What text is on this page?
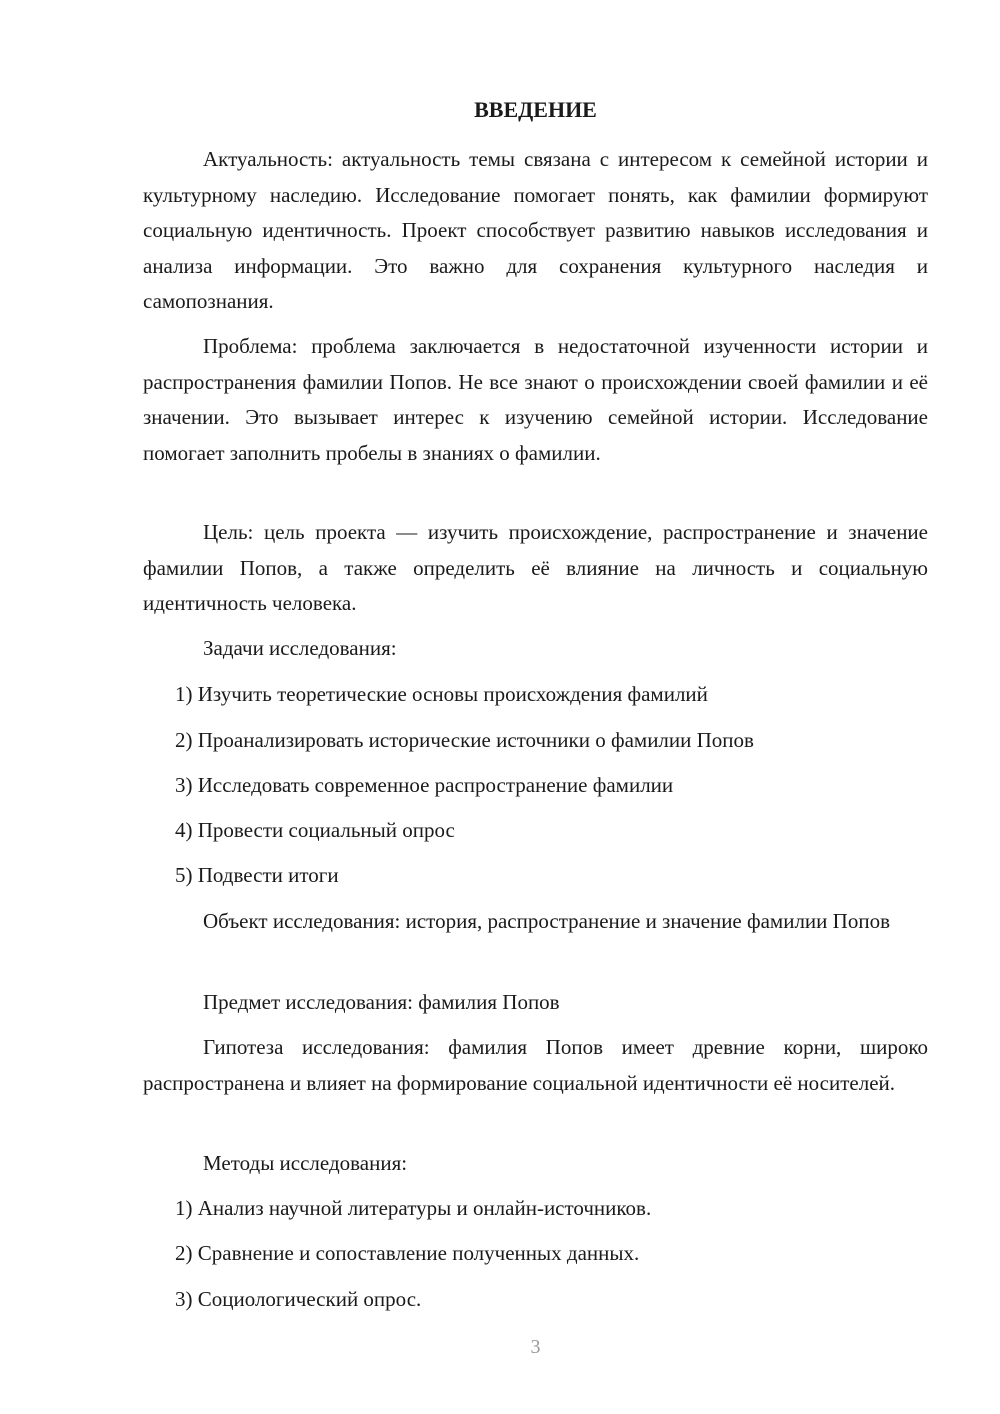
ВВЕДЕНИЕ

Актуальность: актуальность темы связана с интересом к семейной истории и культурному наследию. Исследование помогает понять, как фамилии формируют социальную идентичность. Проект способствует развитию навыков исследования и анализа информации. Это важно для сохранения культурного наследия и самопознания.

Проблема: проблема заключается в недостаточной изученности истории и распространения фамилии Попов. Не все знают о происхождении своей фамилии и её значении. Это вызывает интерес к изучению семейной истории. Исследование помогает заполнить пробелы в знаниях о фамилии.

Цель: цель проекта — изучить происхождение, распространение и значение фамилии Попов, а также определить её влияние на личность и социальную идентичность человека.

Задачи исследования:

1) Изучить теоретические основы происхождения фамилий

2) Проанализировать исторические источники о фамилии Попов

3) Исследовать современное распространение фамилии

4) Провести социальный опрос

5) Подвести итоги

Объект исследования: история, распространение и значение фамилии Попов

Предмет исследования: фамилия Попов

Гипотеза исследования: фамилия Попов имеет древние корни, широко распространена и влияет на формирование социальной идентичности её носителей.

Методы исследования:

1) Анализ научной литературы и онлайн-источников.

2) Сравнение и сопоставление полученных данных.

3) Социологический опрос.

3
